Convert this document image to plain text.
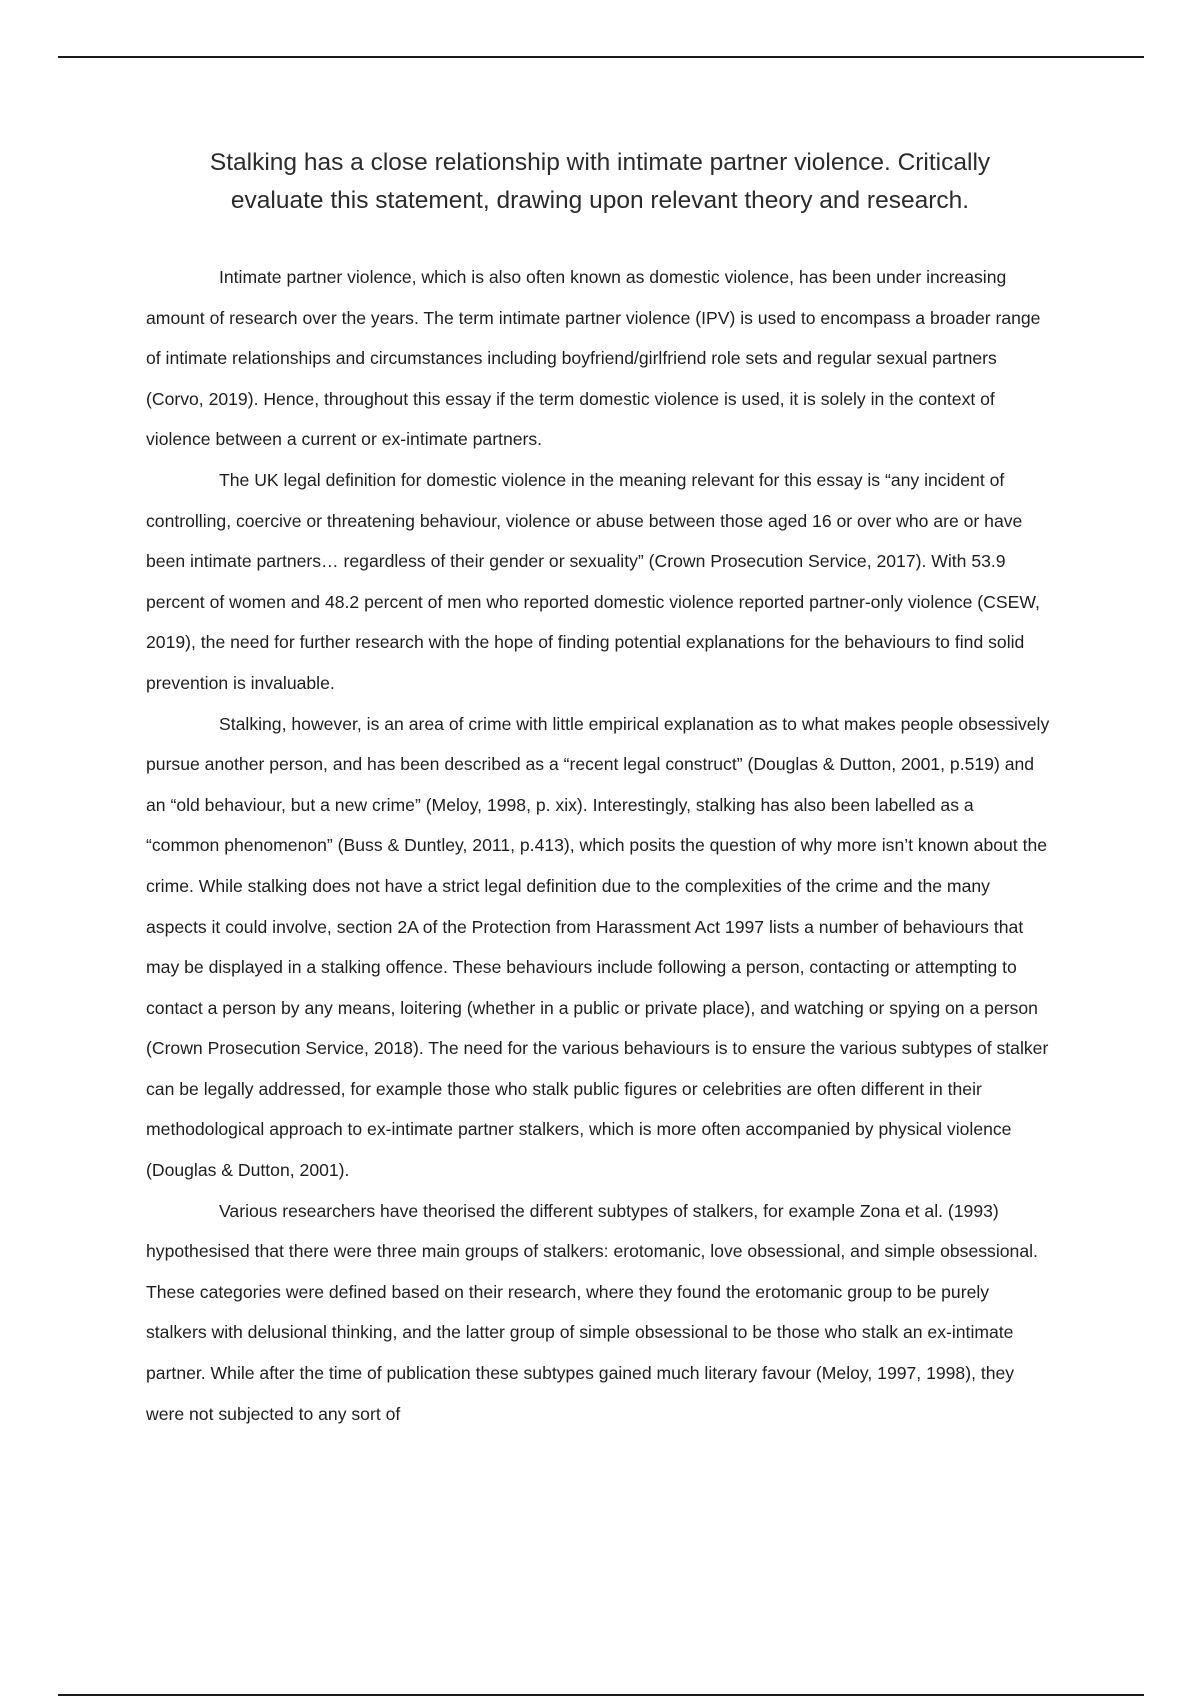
Stalking has a close relationship with intimate partner violence. Critically
evaluate this statement, drawing upon relevant theory and research.

Intimate partner violence, which is also often known as domestic violence, has been under increasing amount of research over the years. The term intimate partner violence (IPV) is used to encompass a broader range of intimate relationships and circumstances including boyfriend/girlfriend role sets and regular sexual partners (Corvo, 2019). Hence, throughout this essay if the term domestic violence is used, it is solely in the context of violence between a current or ex-intimate partners.

The UK legal definition for domestic violence in the meaning relevant for this essay is “any incident of controlling, coercive or threatening behaviour, violence or abuse between those aged 16 or over who are or have been intimate partners… regardless of their gender or sexuality” (Crown Prosecution Service, 2017). With 53.9 percent of women and 48.2 percent of men who reported domestic violence reported partner-only violence (CSEW, 2019), the need for further research with the hope of finding potential explanations for the behaviours to find solid prevention is invaluable.

Stalking, however, is an area of crime with little empirical explanation as to what makes people obsessively pursue another person, and has been described as a “recent legal construct” (Douglas & Dutton, 2001, p.519) and an “old behaviour, but a new crime” (Meloy, 1998, p. xix). Interestingly, stalking has also been labelled as a “common phenomenon” (Buss & Duntley, 2011, p.413), which posits the question of why more isn’t known about the crime. While stalking does not have a strict legal definition due to the complexities of the crime and the many aspects it could involve, section 2A of the Protection from Harassment Act 1997 lists a number of behaviours that may be displayed in a stalking offence. These behaviours include following a person, contacting or attempting to contact a person by any means, loitering (whether in a public or private place), and watching or spying on a person (Crown Prosecution Service, 2018). The need for the various behaviours is to ensure the various subtypes of stalker can be legally addressed, for example those who stalk public figures or celebrities are often different in their methodological approach to ex-intimate partner stalkers, which is more often accompanied by physical violence (Douglas & Dutton, 2001).

Various researchers have theorised the different subtypes of stalkers, for example Zona et al. (1993) hypothesised that there were three main groups of stalkers: erotomanic, love obsessional, and simple obsessional. These categories were defined based on their research, where they found the erotomanic group to be purely stalkers with delusional thinking, and the latter group of simple obsessional to be those who stalk an ex-intimate partner. While after the time of publication these subtypes gained much literary favour (Meloy, 1997, 1998), they were not subjected to any sort of
